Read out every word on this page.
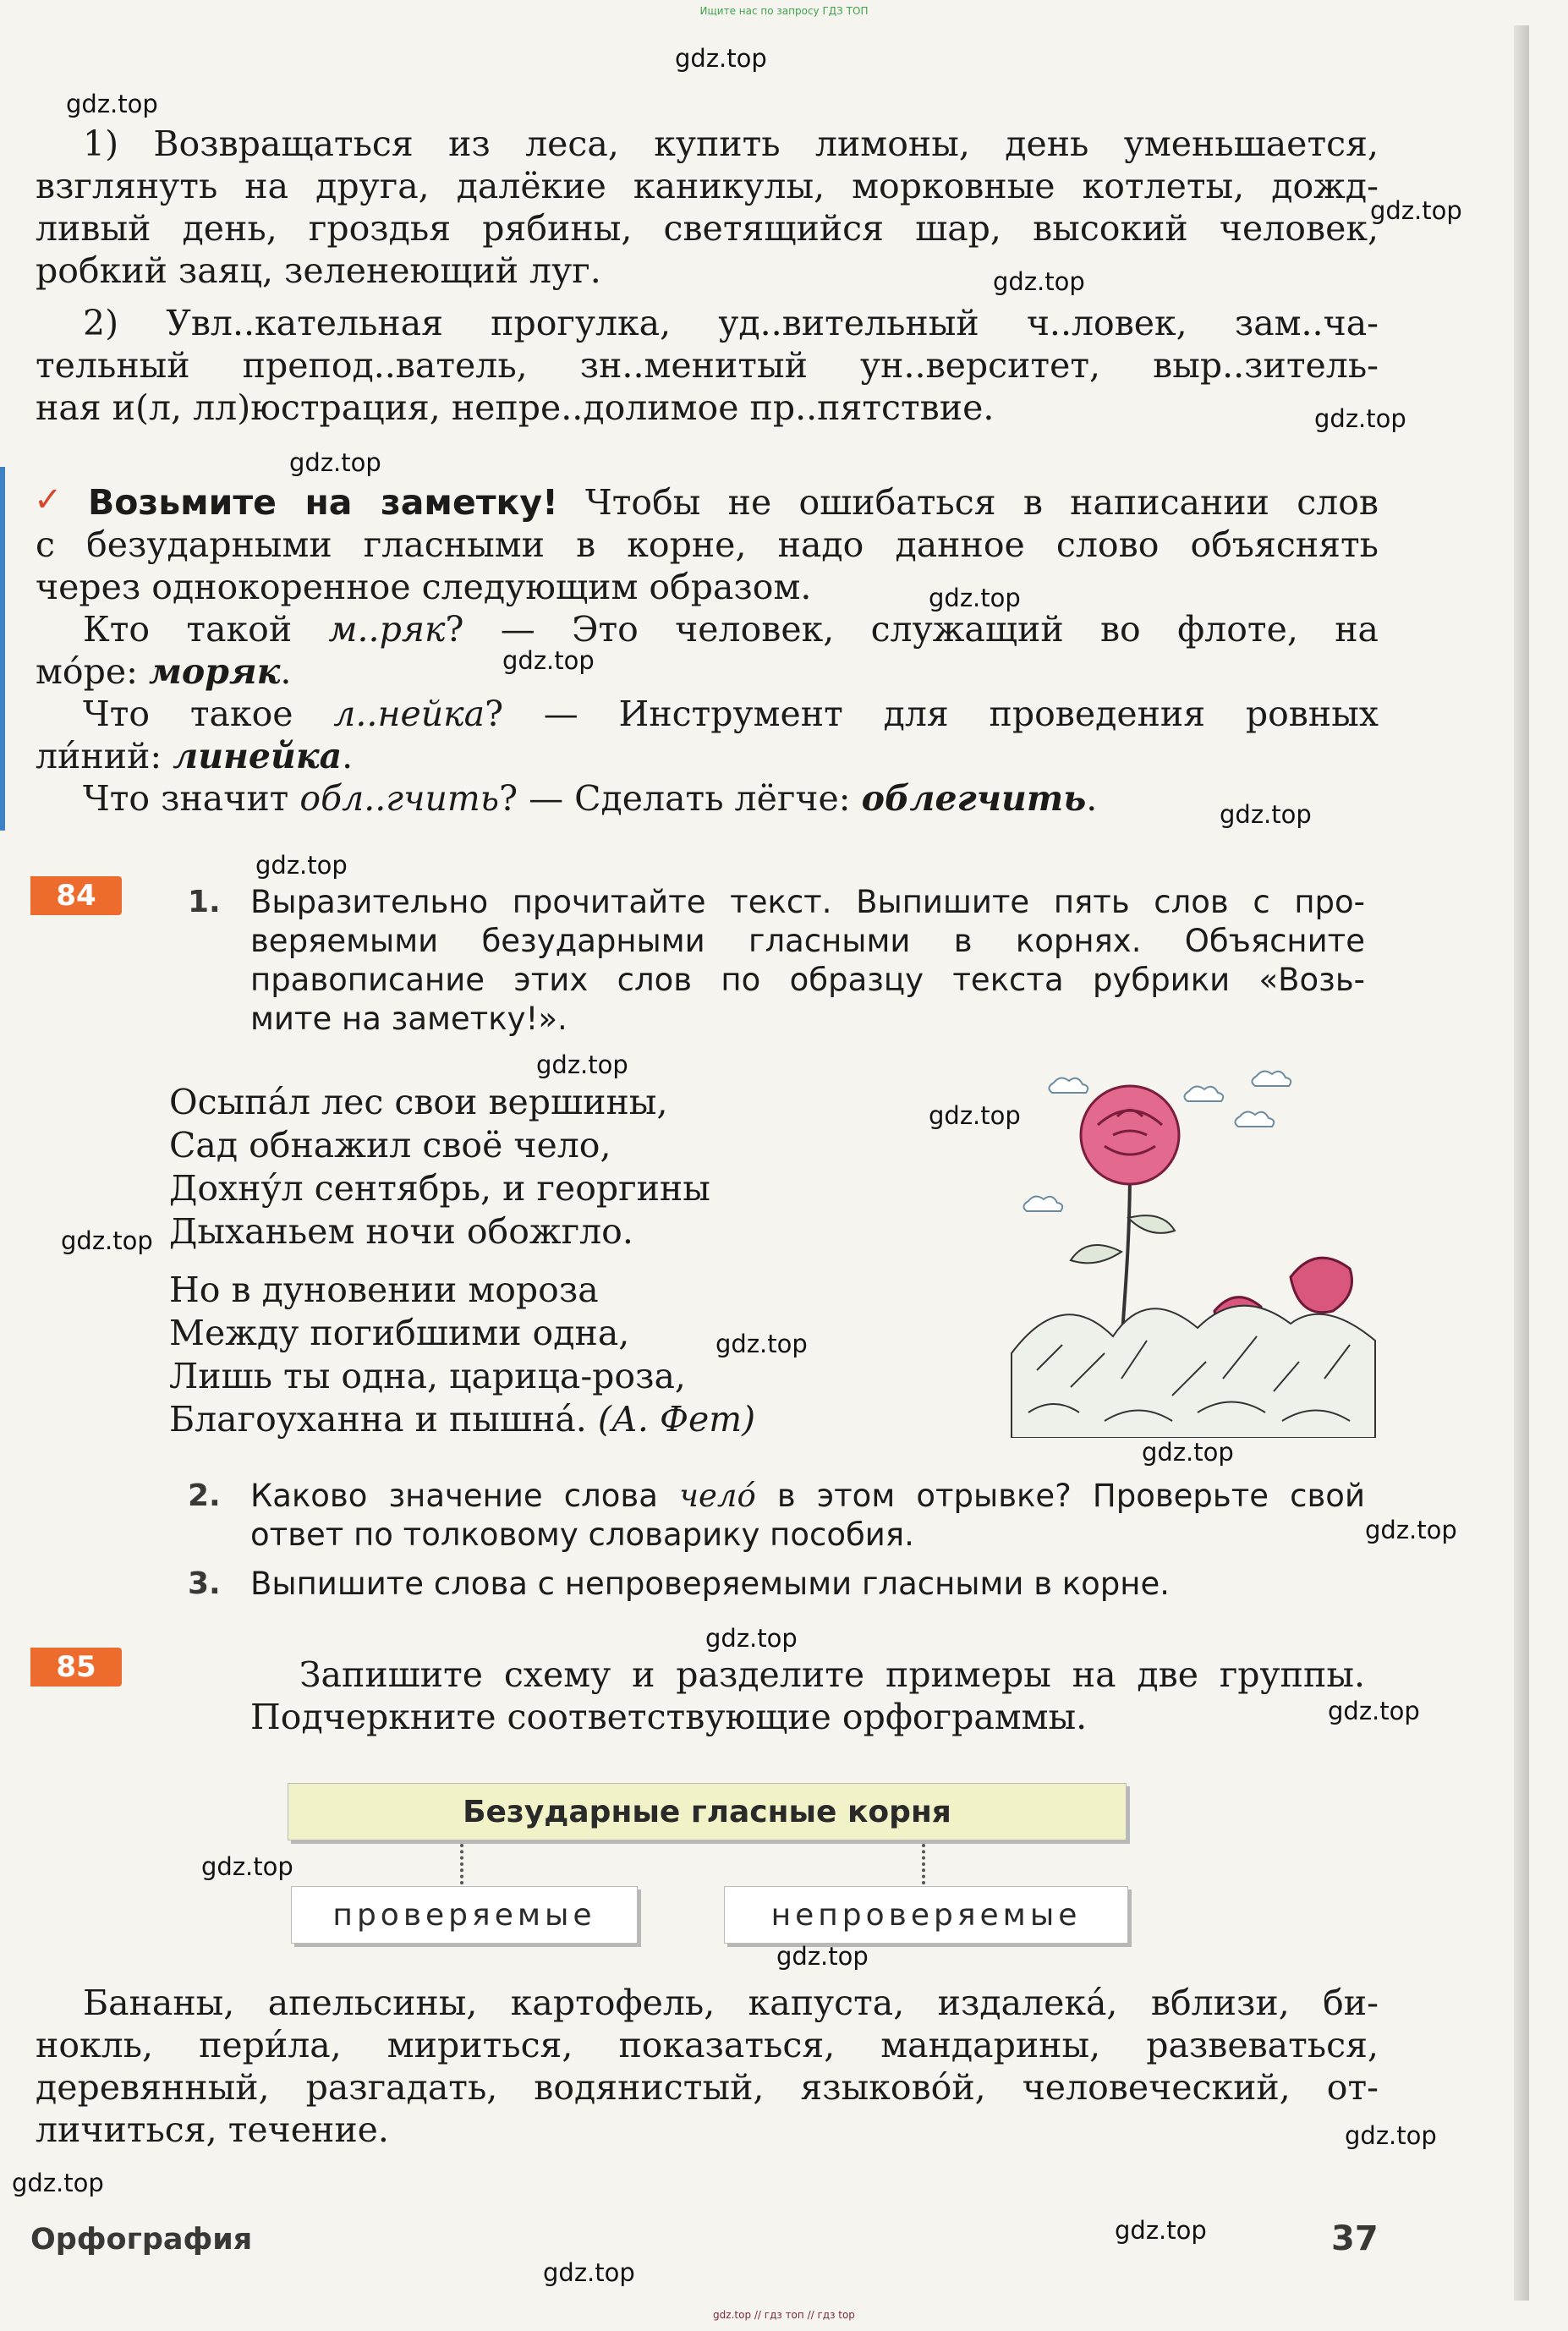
Ищите нас по запросу ГДЗ ТОП
1) Возвращаться из леса, купить лимоны, день уменьшается,
взглянуть на друга, далёкие каникулы, морковные котлеты, дожд-
ливый день, гроздья рябины, светящийся шар, высокий человек,
робкий заяц, зеленеющий луг.
2) Увл..кательная прогулка, уд..вительный ч..ловек, зам..ча-
тельный препод..ватель, зн..менитый ун..верситет, выр..зитель-
ная и(л, лл)юстрация, непре..долимое пр..пятствие.
✓ Возьмите на заметку! Чтобы не ошибаться в написании слов
с безударными гласными в корне, надо данное слово объяснять
через однокоренное следующим образом.
Кто такой м..ряк? — Это человек, служащий во флоте, на
мо́ре: моряк.
Что такое л..нейка? — Инструмент для проведения ровных
ли́ний: линейка.
Что значит обл..гчить? — Сделать лёгче: облегчить.
84	1. Выразительно прочитайте текст. Выпишите пять слов с про-
веряемыми безударными гласными в корнях. Объясните
правописание этих слов по образцу текста рубрики «Возь-
мите на заметку!».
Осыпа́л лес свои вершины,
Сад обнажил своё чело,
Дохну́л сентябрь, и георгины
Дыханьем ночи обожгло.
Но в дуновении мороза
Между погибшими одна,
Лишь ты одна, царица-роза,
Благоуханна и пышна́. (А. Фет)
2. Каково значение слова чело́ в этом отрывке? Проверьте свой
ответ по толковому словарику пособия.
3. Выпишите слова с непроверяемыми гласными в корне.
85	Запишите схему и разделите примеры на две группы.
Подчеркните соответствующие орфограммы.
Безударные гласные корня
проверяемые	непроверяемые
Бананы, апельсины, картофель, капуста, издалека́, вблизи, би-
нокль, пери́ла, мириться, показаться, мандарины, развеваться,
деревянный, разгадать, водянистый, языково́й, человеческий, от-
личиться, течение.
Орфография	37
gdz.top // гдз топ // гдз top
gdz.top
gdz.top
gdz.top
gdz.top
gdz.top
gdz.top
gdz.top
gdz.top
gdz.top
gdz.top
gdz.top
gdz.top
gdz.top
gdz.top
gdz.top
gdz.top
gdz.top
gdz.top
gdz.top
gdz.top
gdz.top
gdz.top
gdz.top
gdz.top
